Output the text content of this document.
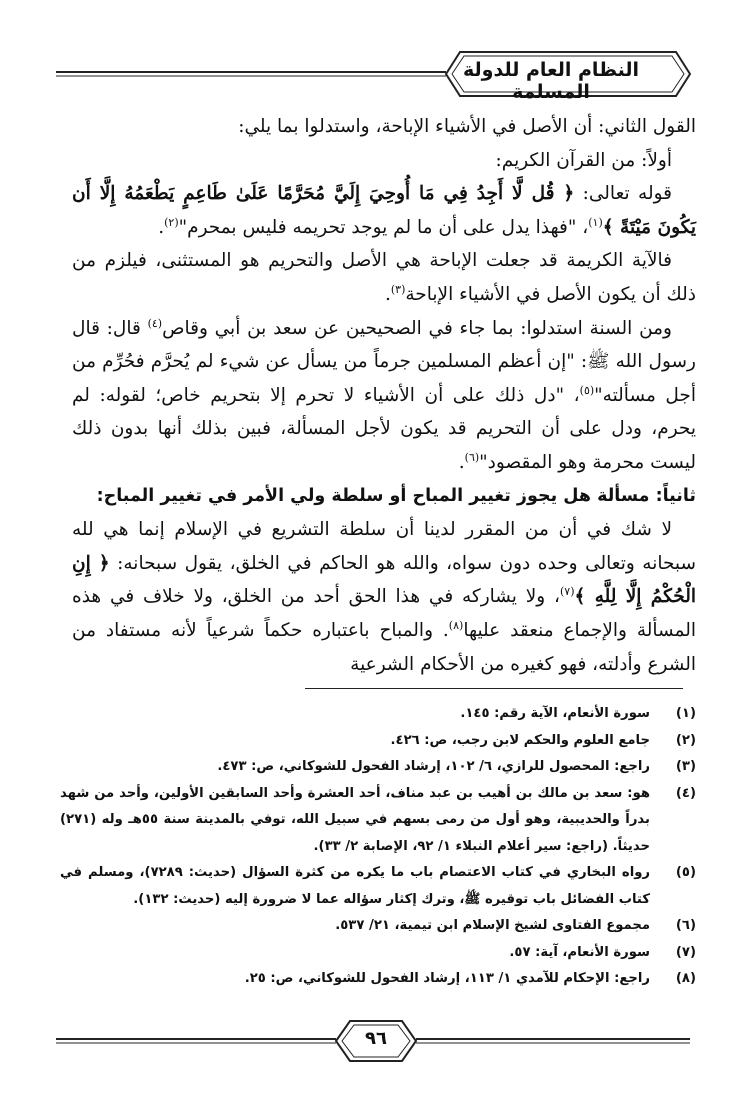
النظام العام للدولة المسلمة

القول الثاني: أن الأصل في الأشياء الإباحة، واستدلوا بما يلي:

أولاً: من القرآن الكريم:

قوله تعالى: ﴿ قُل لَّا أَجِدُ فِي مَا أُوحِيَ إِلَيَّ مُحَرَّمًا عَلَىٰ طَاعِمٍ يَطْعَمُهُ إِلَّا أَن يَكُونَ مَيْتَةً ﴾$^{(١)}$، "فهذا يدل على أن ما لم يوجد تحريمه فليس بمحرم"$^{(٢)}$.

فالآية الكريمة قد جعلت الإباحة هي الأصل والتحريم هو المستثنى، فيلزم من ذلك أن يكون الأصل في الأشياء الإباحة$^{(٣)}$.

ومن السنة استدلوا: بما جاء في الصحيحين عن سعد بن أبي وقاص$^{(٤)}$ قال: قال رسول الله ﷺ: "إن أعظم المسلمين جرماً من يسأل عن شيء لم يُحرَّم فحُرِّم من أجل مسألته"$^{(٥)}$، "دل ذلك على أن الأشياء لا تحرم إلا بتحريم خاص؛ لقوله: لم يحرم، ودل على أن التحريم قد يكون لأجل المسألة، فبين بذلك أنها بدون ذلك ليست محرمة وهو المقصود"$^{(٦)}$.

ثانياً: مسألة هل يجوز تغيير المباح أو سلطة ولي الأمر في تغيير المباح:

لا شك في أن من المقرر لدينا أن سلطة التشريع في الإسلام إنما هي لله سبحانه وتعالى وحده دون سواه، والله هو الحاكم في الخلق، يقول سبحانه: ﴿ إِنِ الْحُكْمُ إِلَّا لِلَّهِ ﴾$^{(٧)}$، ولا يشاركه في هذا الحق أحد من الخلق، ولا خلاف في هذه المسألة والإجماع منعقد عليها$^{(٨)}$. والمباح باعتباره حكماً شرعياً لأنه مستفاد من الشرع وأدلته، فهو كغيره من الأحكام الشرعية

(١)
سورة الأنعام، الآية رقم: ١٤٥.
(٢)
جامع العلوم والحكم لابن رجب، ص: ٤٢٦.
(٣)
راجع: المحصول للرازي، ٦/ ١٠٢، إرشاد الفحول للشوكاني، ص: ٤٧٣.
(٤)
هو: سعد بن مالك بن أهيب بن عبد مناف، أحد العشرة وأحد السابقين الأولين، وأحد من شهد بدراً والحديبية، وهو أول من رمى بسهم في سبيل الله، توفي بالمدينة سنة ٥٥هـ وله (٢٧١) حديثاً. (راجع: سير أعلام النبلاء ١/ ٩٢، الإصابة ٢/ ٣٣).
(٥)
رواه البخاري في كتاب الاعتصام باب ما يكره من كثرة السؤال (حديث: ٧٢٨٩)، ومسلم في كتاب الفضائل باب توقيره ﷺ، وترك إكثار سؤاله عما لا ضرورة إليه (حديث: ١٣٢).
(٦)
مجموع الفتاوى لشيخ الإسلام ابن تيمية، ٢١/ ٥٣٧.
(٧)
سورة الأنعام، آية: ٥٧.
(٨)
راجع: الإحكام للآمدي ١/ ١١٣، إرشاد الفحول للشوكاني، ص: ٢٥.
٩٦
